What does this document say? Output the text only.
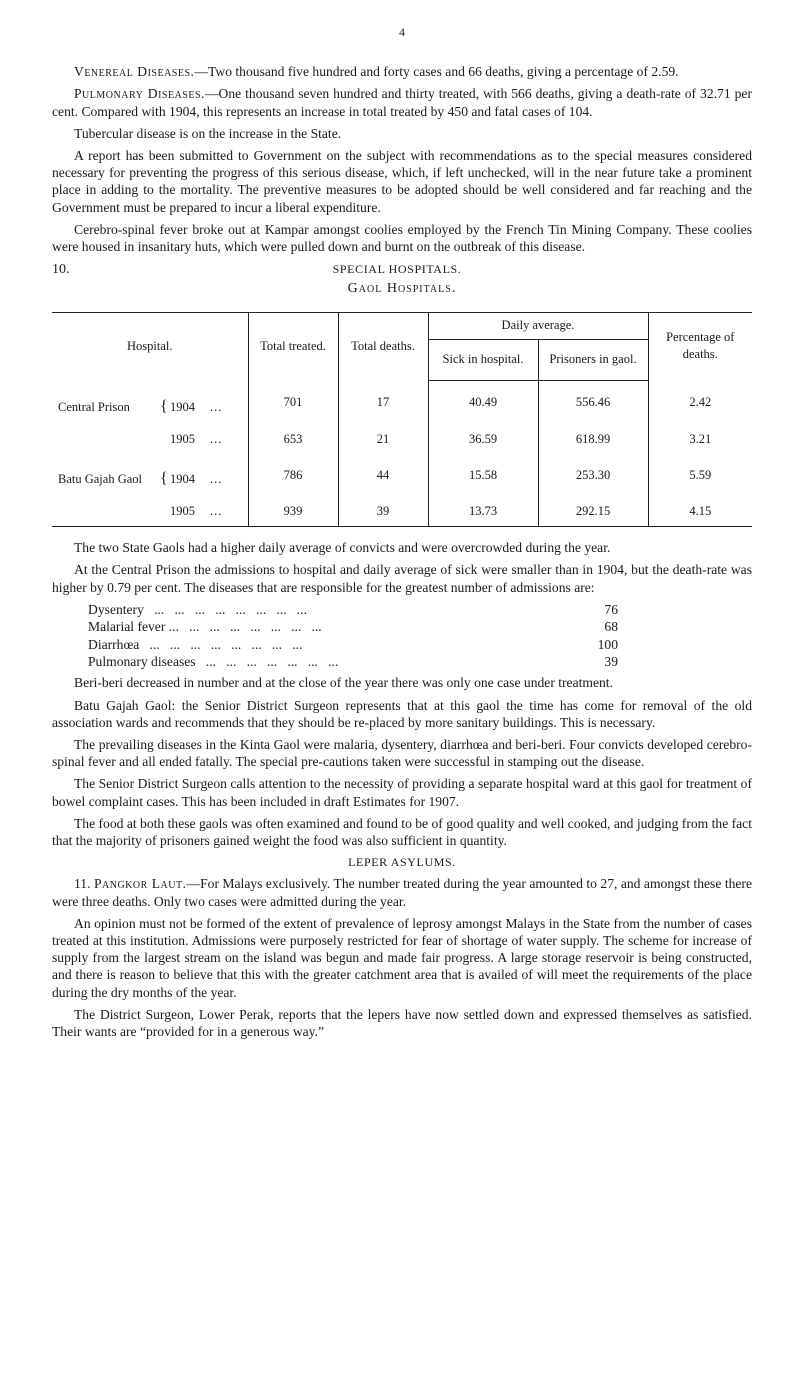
4

Venereal Diseases.—Two thousand five hundred and forty cases and 66 deaths, giving a percentage of 2.59.

Pulmonary Diseases.—One thousand seven hundred and thirty treated, with 566 deaths, giving a death-rate of 32.71 per cent. Compared with 1904, this represents an increase in total treated by 450 and fatal cases of 104.

Tubercular disease is on the increase in the State.

A report has been submitted to Government on the subject with recommendations as to the special measures considered necessary for preventing the progress of this serious disease, which, if left unchecked, will in the near future take a prominent place in adding to the mortality. The preventive measures to be adopted should be well considered and far reaching and the Government must be prepared to incur a liberal expenditure.

Cerebro-spinal fever broke out at Kampar amongst coolies employed by the French Tin Mining Company. These coolies were housed in insanitary huts, which were pulled down and burnt on the outbreak of this disease.

10.	SPECIAL HOSPITALS.
Gaol Hospitals.
Hospital.	Total treated.	Total deaths.	Daily average.		Percentage of deaths.
			Sick in hospital.	Prisoners in gaol.	
Central Prison { 1904 ...	701	17	40.49	556.46	2.42
1905 ...	653	21	36.59	618.99	3.21
Batu Gajah Gaol { 1904 ...	786	44	15.58	253.30	5.59
1905 ...	939	39	13.73	292.15	4.15

The two State Gaols had a higher daily average of convicts and were overcrowded during the year.

At the Central Prison the admissions to hospital and daily average of sick were smaller than in 1904, but the death-rate was higher by 0.79 per cent. The diseases that are responsible for the greatest number of admissions are:

Dysentery   ...   ...   ...   ...   ...   ...   ...   ...	76
Malarial fever ...   ...   ...   ...   ...   ...   ...   ...	68
Diarrhœa   ...   ...   ...   ...   ...   ...   ...   ...	100
Pulmonary diseases   ...   ...   ...   ...   ...   ...   ...	39

Beri-beri decreased in number and at the close of the year there was only one case under treatment.

Batu Gajah Gaol: the Senior District Surgeon represents that at this gaol the time has come for removal of the old association wards and recommends that they should be re-placed by more sanitary buildings. This is necessary.

The prevailing diseases in the Kinta Gaol were malaria, dysentery, diarrhœa and beri-beri. Four convicts developed cerebro-spinal fever and all ended fatally. The special pre-cautions taken were successful in stamping out the disease.

The Senior District Surgeon calls attention to the necessity of providing a separate hospital ward at this gaol for treatment of bowel complaint cases. This has been included in draft Estimates for 1907.

The food at both these gaols was often examined and found to be of good quality and well cooked, and judging from the fact that the majority of prisoners gained weight the food was also sufficient in quantity.

LEPER ASYLUMS.

11. Pangkor Laut.—For Malays exclusively. The number treated during the year amounted to 27, and amongst these there were three deaths. Only two cases were admitted during the year.

An opinion must not be formed of the extent of prevalence of leprosy amongst Malays in the State from the number of cases treated at this institution. Admissions were purposely restricted for fear of shortage of water supply. The scheme for increase of supply from the largest stream on the island was begun and made fair progress. A large storage reservoir is being constructed, and there is reason to believe that this with the greater catchment area that is availed of will meet the requirements of the place during the dry months of the year.

The District Surgeon, Lower Perak, reports that the lepers have now settled down and expressed themselves as satisfied. Their wants are “provided for in a generous way.”
